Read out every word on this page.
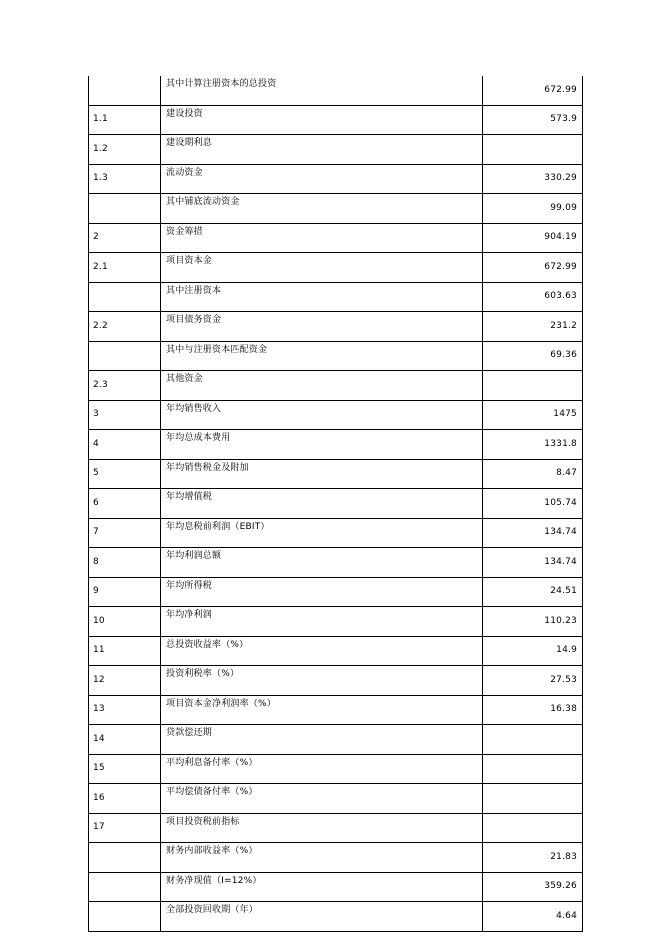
	其中计算注册资本的总投资	672.99
1.1	建设投资	573.9
1.2	建设期利息	
1.3	流动资金	330.29
	其中铺底流动资金	99.09
2	资金筹措	904.19
2.1	项目资本金	672.99
	其中注册资本	603.63
2.2	项目债务资金	231.2
	其中与注册资本匹配资金	69.36
2.3	其他资金	
3	年均销售收入	1475
4	年均总成本费用	1331.8
5	年均销售税金及附加	8.47
6	年均增值税	105.74
7	年均息税前利润（EBIT）	134.74
8	年均利润总额	134.74
9	年均所得税	24.51
10	年均净利润	110.23
11	总投资收益率（%）	14.9
12	投资利税率（%）	27.53
13	项目资本金净利润率（%）	16.38
14	贷款偿还期	
15	平均利息备付率（%）	
16	平均偿债备付率（%）	
17	项目投资税前指标	
	财务内部收益率（%）	21.83
	财务净现值（I=12%）	359.26
	全部投资回收期（年）	4.64
